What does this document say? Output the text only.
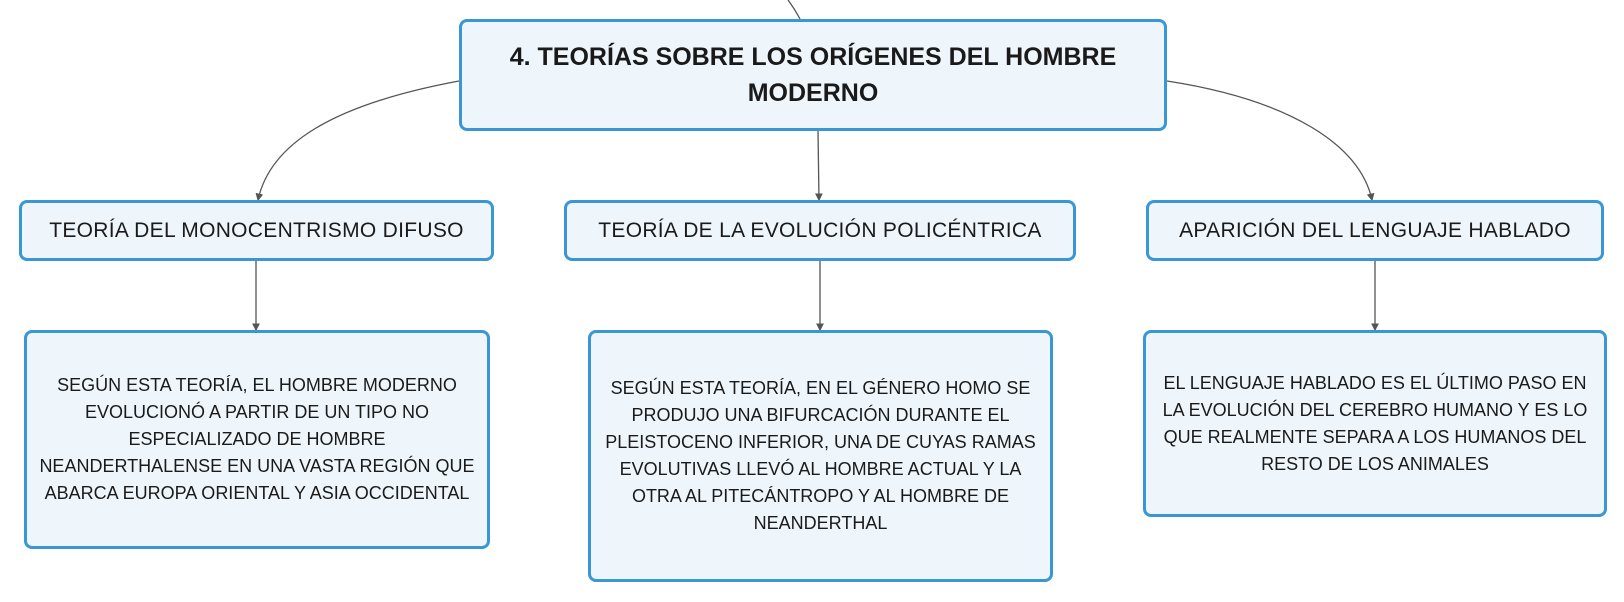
4. TEORÍAS SOBRE LOS ORÍGENES DEL HOMBRE MODERNO
TEORÍA DEL MONOCENTRISMO DIFUSO	TEORÍA DE LA EVOLUCIÓN POLICÉNTRICA	APARICIÓN DEL LENGUAJE HABLADO
SEGÚN ESTA TEORÍA, EL HOMBRE MODERNO EVOLUCIONÓ A PARTIR DE UN TIPO NO ESPECIALIZADO DE HOMBRE NEANDERTHALENSE EN UNA VASTA REGIÓN QUE ABARCA EUROPA ORIENTAL Y ASIA OCCIDENTAL
SEGÚN ESTA TEORÍA, EN EL GÉNERO HOMO SE PRODUJO UNA BIFURCACIÓN DURANTE EL PLEISTOCENO INFERIOR, UNA DE CUYAS RAMAS EVOLUTIVAS LLEVÓ AL HOMBRE ACTUAL Y LA OTRA AL PITECÁNTROPO Y AL HOMBRE DE NEANDERTHAL
EL LENGUAJE HABLADO ES EL ÚLTIMO PASO EN LA EVOLUCIÓN DEL CEREBRO HUMANO Y ES LO QUE REALMENTE SEPARA A LOS HUMANOS DEL RESTO DE LOS ANIMALES
